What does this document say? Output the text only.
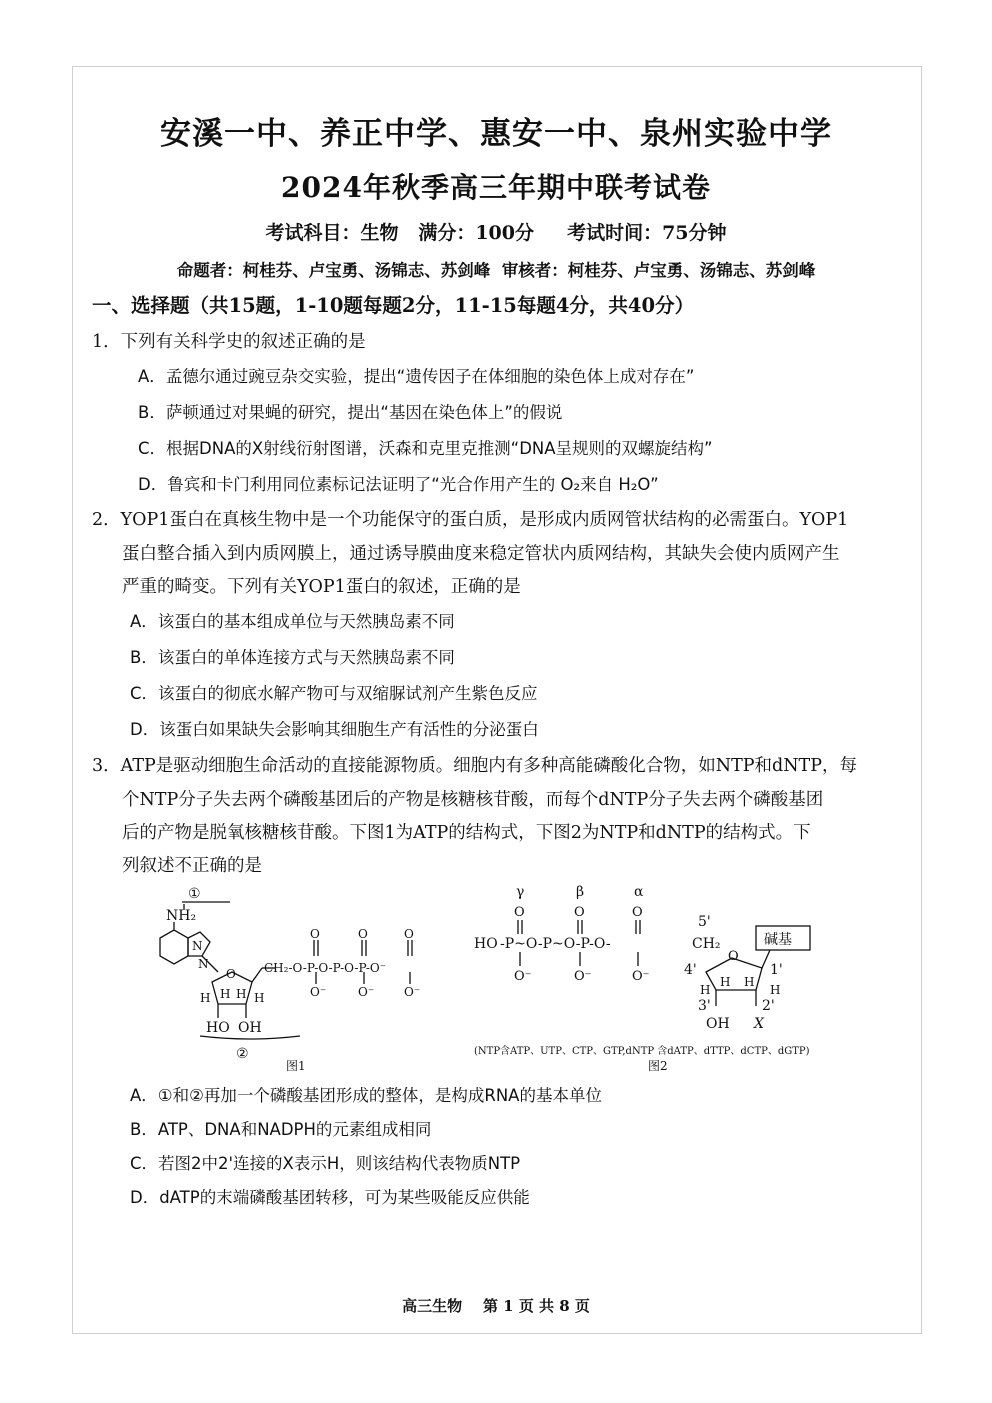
安溪一中、养正中学、惠安一中、泉州实验中学
2024年秋季高三年期中联考试卷
考试科目：生物   满分：100分     考试时间：75分钟
命题者：柯桂芬、卢宝勇、汤锦志、苏剑峰  审核者：柯桂芬、卢宝勇、汤锦志、苏剑峰
一、选择题（共15题，1-10题每题2分，11-15每题4分，共40分）
1．下列有关科学史的叙述正确的是
A．孟德尔通过豌豆杂交实验，提出“遗传因子在体细胞的染色体上成对存在”
B．萨顿通过对果蝇的研究，提出“基因在染色体上”的假说
C．根据DNA的X射线衍射图谱，沃森和克里克推测“DNA呈规则的双螺旋结构”
D．鲁宾和卡门利用同位素标记法证明了“光合作用产生的 O₂来自 H₂O”
2．YOP1蛋白在真核生物中是一个功能保守的蛋白质，是形成内质网管状结构的必需蛋白。YOP1
蛋白整合插入到内质网膜上，通过诱导膜曲度来稳定管状内质网结构，其缺失会使内质网产生
严重的畸变。下列有关YOP1蛋白的叙述，正确的是
A．该蛋白的基本组成单位与天然胰岛素不同
B．该蛋白的单体连接方式与天然胰岛素不同
C．该蛋白的彻底水解产物可与双缩脲试剂产生紫色反应
D．该蛋白如果缺失会影响其细胞生产有活性的分泌蛋白
3．ATP是驱动细胞生命活动的直接能源物质。细胞内有多种高能磷酸化合物，如NTP和dNTP，每
个NTP分子失去两个磷酸基团后的产物是核糖核苷酸，而每个dNTP分子失去两个磷酸基团
后的产物是脱氧核糖核苷酸。下图1为ATP的结构式，下图2为NTP和dNTP的结构式。下
列叙述不正确的是
①
NH₂
N
N
O CH₂-O-P-O-P-O-P-O⁻
O	O	O
O⁻	O⁻ O⁻
H	H
H H
HO OH
②
图1
γ	β	α
O	O	O
HO -P~O-P~O-P-O-	CH₂
O⁻	O⁻	O⁻
5'
碱基
O
4'	1'
H	H
H H
3'	2'
OH X
(NTP含ATP、UTP、CTP、GTP,dNTP 含dATP、dTTP、dCTP、dGTP)
图2
A．①和②再加一个磷酸基团形成的整体，是构成RNA的基本单位
B．ATP、DNA和NADPH的元素组成相同
C．若图2中2'连接的X表示H，则该结构代表物质NTP
D．dATP的末端磷酸基团转移，可为某些吸能反应供能
高三生物    第 1 页 共 8 页
